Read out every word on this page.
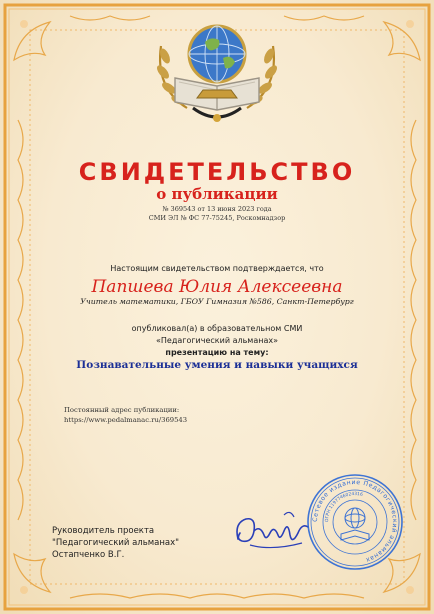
СВИДЕТЕЛЬСТВО
о публикации
№ 369543 от 13 июня 2023 года
СМИ ЭЛ № ФС 77-75245, Роскомнадзор
Настоящим свидетельством подтверждается, что
Папшева Юлия Алексеевна
Учитель математики, ГБОУ Гимназия №586, Санкт-Петербург
опубликовал(а) в образовательном СМИ
«Педагогический альманах»
презентацию на тему:
Познавательные умения и навыки учащихся
Постоянный адрес публикации:
https://www.pedalmanac.ru/369543
Руководитель проекта
"Педагогический альманах"
Остапченко В.Г.
Сетевое издание Педагогический альманах
ОГРН 1197746024316
